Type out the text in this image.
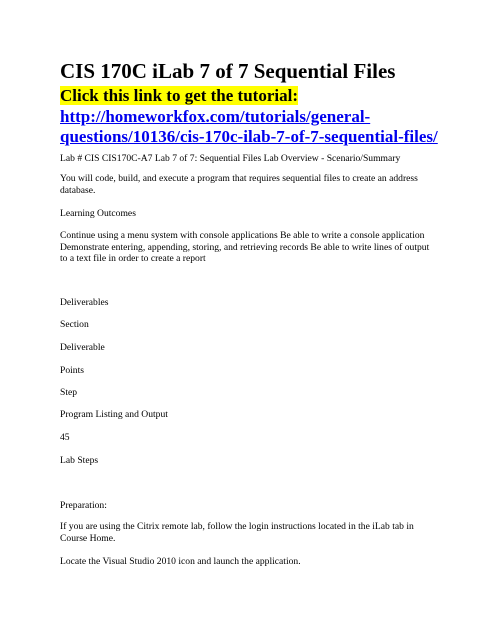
CIS 170C iLab 7 of 7 Sequential Files
Click this link to get the tutorial:
http://homeworkfox.com/tutorials/general-
questions/10136/cis-170c-ilab-7-of-7-sequential-files/

Lab # CIS CIS170C-A7 Lab 7 of 7: Sequential Files Lab Overview - Scenario/Summary

You will code, build, and execute a program that requires sequential files to create an address database.

Learning Outcomes

Continue using a menu system with console applications Be able to write a console application Demonstrate entering, appending, storing, and retrieving records Be able to write lines of output to a text file in order to create a report

Deliverables

Section

Deliverable

Points

Step

Program Listing and Output

45

Lab Steps

Preparation:

If you are using the Citrix remote lab, follow the login instructions located in the iLab tab in Course Home.

Locate the Visual Studio 2010 icon and launch the application.
